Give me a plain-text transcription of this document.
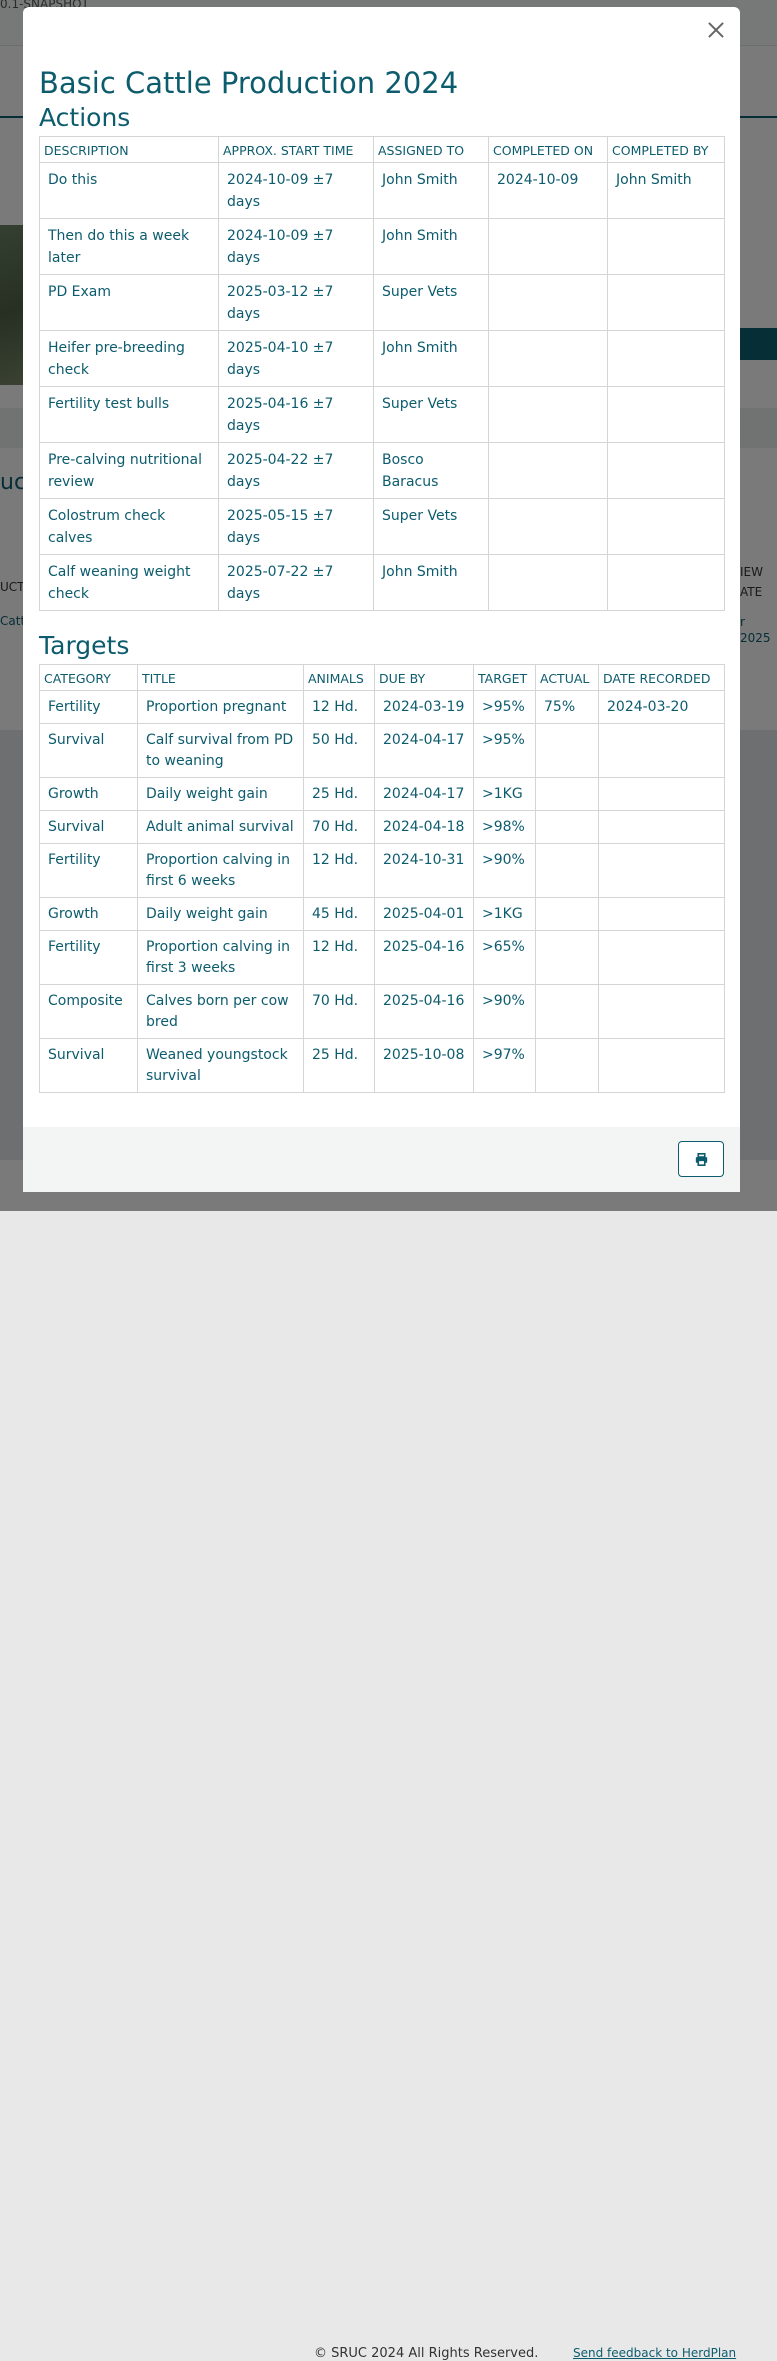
© SRUC 2024 All Rights Reserved.	Send feedback to HerdPlan
Basic Cattle Production 2024
Actions
DESCRIPTION	APPROX. START TIME	ASSIGNED TO	COMPLETED ON	COMPLETED BY
Do this	2024-10-09 ±7 days	John Smith	2024-10-09	John Smith
Then do this a week later	2024-10-09 ±7 days	John Smith		
PD Exam	2025-03-12 ±7 days	Super Vets		
Heifer pre-breeding check	2025-04-10 ±7 days	John Smith		
Fertility test bulls	2025-04-16 ±7 days	Super Vets		
Pre-calving nutritional review	2025-04-22 ±7 days	Bosco Baracus		
Colostrum check calves	2025-05-15 ±7 days	Super Vets		
Calf weaning weight check	2025-07-22 ±7 days	John Smith		
Targets
CATEGORY	TITLE	ANIMALS	DUE BY	TARGET	ACTUAL	DATE RECORDED
Fertility	Proportion pregnant	12 Hd.	2024-03-19	>95%	75%	2024-03-20
Survival	Calf survival from PD to weaning	50 Hd.	2024-04-17	>95%		
Growth	Daily weight gain	25 Hd.	2024-04-17	>1KG		
Survival	Adult animal survival	70 Hd.	2024-04-18	>98%		
Fertility	Proportion calving in first 6 weeks	12 Hd.	2024-10-31	>90%		
Growth	Daily weight gain	45 Hd.	2025-04-01	>1KG		
Fertility	Proportion calving in first 3 weeks	12 Hd.	2025-04-16	>65%		
Composite	Calves born per cow bred	70 Hd.	2025-04-16	>90%		
Survival	Weaned youngstock survival	25 Hd.	2025-10-08	>97%		
